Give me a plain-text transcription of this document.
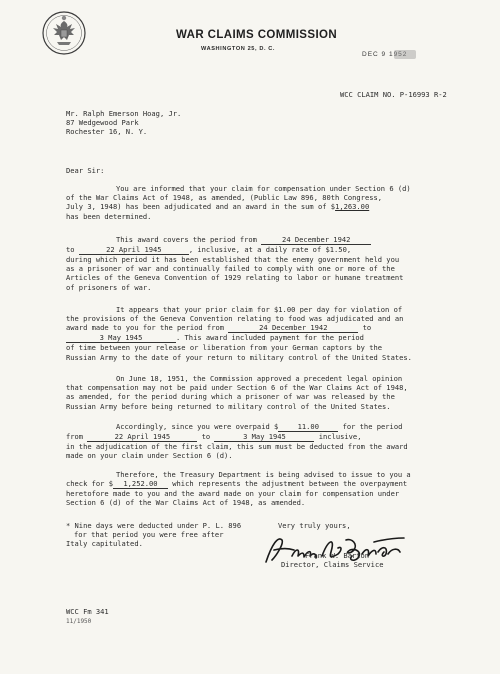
WAR CLAIMS COMMISSION
WASHINGTON 25, D. C.
DEC 9 1952
WCC CLAIM NO. P-16993 R-2
Mr. Ralph Emerson Hoag, Jr.
87 Wedgewood Park
Rochester 16, N. Y.
Dear Sir:
You are informed that your claim for compensation under Section 6 (d)
of the War Claims Act of 1948, as amended, (Public Law 896, 80th Congress,
July 3, 1948) has been adjudicated and an award in the sum of $1,263.00
has been determined.
This award covers the period from	24 December 1942
to	22 April 1945	, inclusive, at a daily rate of $1.50,
during which period it has been established that the enemy government held you
as a prisoner of war and continually failed to comply with one or more of the
Articles of the Geneva Convention of 1929 relating to labor or humane treatment
of prisoners of war.
It appears that your prior claim for $1.00 per day for violation of
the provisions of the Geneva Convention relating to food was adjudicated and an
award made to you for the period from	24 December 1942	to
3 May 1945	. This award included payment for the period
of time between your release or liberation from your German captors by the
Russian Army to the date of your return to military control of the United States.
On June 18, 1951, the Commission approved a precedent legal opinion
that compensation may not be paid under Section 6 of the War Claims Act of 1948,
as amended, for the period during which a prisoner of war was released by the
Russian Army before being returned to military control of the United States.
Accordingly, since you were overpaid $	11.00	for the period
from	22 April 1945	to	3 May 1945	inclusive,
in the adjudication of the first claim, this sum must be deducted from the award
made on your claim under Section 6 (d).
Therefore, the Treasury Department is being advised to issue to you a
check for $ 1,252.00 which represents the adjustment between the overpayment
heretofore made to you and the award made on your claim for compensation under
Section 6 (d) of the War Claims Act of 1948, as amended.
* Nine days were deducted under P. L. 896
for that period you were free after
Italy capitulated.
Very truly yours,
Frank W. Barton
Director, Claims Service
WCC Fm 341
11/1950
